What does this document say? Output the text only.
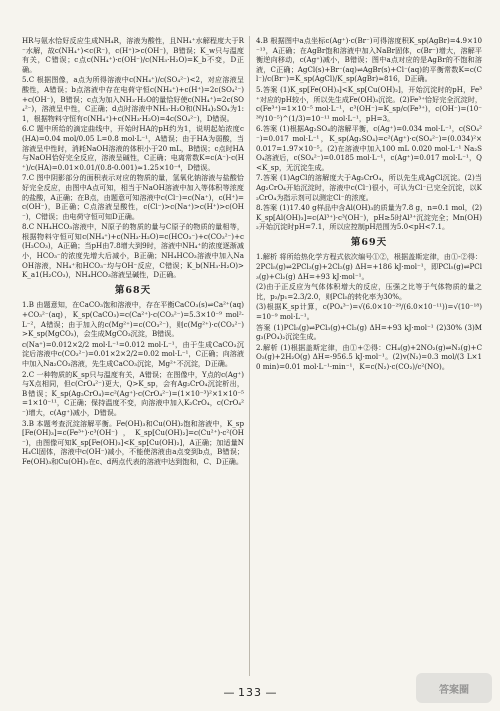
HR与氨水恰好反应生成NH₄R，溶液为酸性，且NH₄⁺水解程度大于R⁻水解，故c(NH₄⁺)<c(R⁻)，c(H⁺)>c(OH⁻)，B错误；K_w只与温度有关，C错误；c点c(NH₄⁺)·c(OH⁻)/c(NH₃·H₂O)=K_b不变，D正确。

5.C 根据图像，a点为所得溶液中c(NH₄⁺)/c(SO₄²⁻)<2，对应溶液呈酸性，A错误；b点溶液中存在电荷守恒c(NH₄⁺)+c(H⁺)=2c(SO₄²⁻)+c(OH⁻)，B错误；c点为加入NH₃·H₂O的量恰好使c(NH₄⁺)=2c(SO₄²⁻)，溶液呈中性，C正确；d点时溶液中NH₃·H₂O和(NH₄)₂SO₄为1:1，根据物料守恒有c(NH₄⁺)+c(NH₃·H₂O)=4c(SO₄²⁻)，D错误。

6.C 题中所给的滴定曲线中，开始时HA的pH约为1，说明起始浓度c(HA)=0.04 mol/0.05 L=0.8 mol·L⁻¹，A错误；由于HA为弱酸，当溶液呈中性时，消耗NaOH溶液的体积小于20 mL，B错误；c点时HA与NaOH恰好完全反应，溶液呈碱性，C正确；电离常数K=c(A⁻)·c(H⁺)/c(HA)=0.01×0.01/(0.8-0.001)≈1.25×10⁻⁴，D错误。

7.C 图中阴影部分的面积表示对应的物质的量，氢氧化钠溶液与盐酸恰好完全反应，由图中A点可知，相当于NaOH溶液中加入等体积等浓度的盐酸，A正确；在B点，由题意可知溶液中c(Cl⁻)=c(Na⁺)，c(H⁺)=c(OH⁻)，B正确；C点溶液呈酸性，c(Cl⁻)>c(Na⁺)>c(H⁺)>c(OH⁻)，C错误；由电荷守恒可知D正确。

8.C NH₄HCO₃溶液中，N原子的物质的量与C原子的物质的量相等，根据物料守恒可知c(NH₄⁺)+c(NH₃·H₂O)=c(HCO₃⁻)+c(CO₃²⁻)+c(H₂CO₃)，A正确；当pH由7.8增大到9时，溶液中NH₄⁺的浓度逐渐减小，HCO₃⁻的浓度先增大后减小，B正确；NH₄HCO₃溶液中加入NaOH溶液，NH₄⁺和HCO₃⁻均与OH⁻反应，C错误；K_b(NH₃·H₂O)>K_a1(H₂CO₃)，NH₄HCO₃溶液呈碱性，D正确。

第68天

1.B 由题意知，在CaCO₃饱和溶液中，存在平衡CaCO₃(s)⇌Ca²⁺(aq)+CO₃²⁻(aq)，K_sp(CaCO₃)=c(Ca²⁺)·c(CO₃²⁻)=5.3×10⁻⁹ mol²·L⁻²，A错误；由于加入的c(Mg²⁺)=c(CO₃²⁻)，则c(Mg²⁺)·c(CO₃²⁻)>K_sp(MgCO₃)，会生成MgCO₃沉淀，B错误。

c(Na⁺)=0.012×2/2 mol·L⁻¹=0.012 mol·L⁻¹，由于生成CaCO₃沉淀后溶液中c(CO₃²⁻)=0.01×2×2/2=0.02 mol·L⁻¹，C正确；向溶液中加入Na₂CO₃溶液，先生成CaCO₃沉淀，Mg²⁺不沉淀，D正确。

2.C 一种物质的K_sp只与温度有关，A错误；在图像中，Y点的c(Ag⁺)与X点相同，但c(CrO₄²⁻)更大，Q>K_sp，会有Ag₂CrO₄沉淀析出，B错误；K_sp(Ag₂CrO₄)=c²(Ag⁺)·c(CrO₄²⁻)=(1×10⁻³)²×1×10⁻⁵=1×10⁻¹¹，C正确；保持温度不变，向溶液中加入K₂CrO₄，c(CrO₄²⁻)增大，c(Ag⁺)减小，D错误。

3.B 本题考查沉淀溶解平衡。Fe(OH)₃和Cu(OH)₂饱和溶液中，K_sp[Fe(OH)₃]=c(Fe³⁺)·c³(OH⁻)，K_sp[Cu(OH)₂]=c(Cu²⁺)·c²(OH⁻)，由图像可知K_sp[Fe(OH)₃]<K_sp[Cu(OH)₂]，A正确；加适量NH₄Cl固体，溶液中c(OH⁻)减小，不能使溶液由a点变到b点，B错误；Fe(OH)₃和Cu(OH)₂在c、d两点代表的溶液中达到饱和，C、D正确。

4.B 根据图中a点坐标c(Ag⁺)·c(Br⁻)可得溶度积K_sp(AgBr)=4.9×10⁻¹³，A正确；在AgBr饱和溶液中加入NaBr固体，c(Br⁻)增大，溶解平衡逆向移动，c(Ag⁺)减小，B错误；图中a点对应的是AgBr的不饱和溶液，C正确；AgCl(s)+Br⁻(aq)⇌AgBr(s)+Cl⁻(aq)的平衡常数K=c(Cl⁻)/c(Br⁻)=K_sp(AgCl)/K_sp(AgBr)≈816，D正确。

5.答案 (1)K_sp[Fe(OH)₃]<K_sp[Cu(OH)₂]，开始沉淀时的pH，Fe³⁺对应的pH较小，所以先生成Fe(OH)₃沉淀。(2)Fe³⁺恰好完全沉淀时，c(Fe³⁺)=1×10⁻⁵ mol·L⁻¹，c³(OH⁻)=K_sp/c(Fe³⁺)，c(OH⁻)=(10⁻³⁸/10⁻⁵)^(1/3)=10⁻¹¹ mol·L⁻¹，pH=3。

6.答案 (1)根据Ag₂SO₄的溶解平衡，c(Ag⁺)=0.034 mol·L⁻¹，c(SO₄²⁻)=0.017 mol·L⁻¹，K_sp(Ag₂SO₄)=c²(Ag⁺)·c(SO₄²⁻)=(0.034)²×0.017=1.97×10⁻⁵。(2)在溶液中加入100 mL 0.020 mol·L⁻¹ Na₂SO₄溶液后，c(SO₄²⁻)=0.0185 mol·L⁻¹，c(Ag⁺)=0.017 mol·L⁻¹，Q<K_sp，无沉淀生成。

7.答案 (1)AgCl的溶解度大于Ag₂CrO₄，所以先生成AgCl沉淀。(2)当Ag₂CrO₄开始沉淀时，溶液中c(Cl⁻)很小，可认为Cl⁻已完全沉淀，以K₂CrO₄为指示剂可以测定Cl⁻的浓度。

8.答案 (1)17.40 g样品中含Al(OH)₃的质量为7.8 g，n=0.1 mol，(2)K_sp[Al(OH)₃]=c(Al³⁺)·c³(OH⁻)，pH≥5时Al³⁺沉淀完全；Mn(OH)₂开始沉淀时pH=7.1，所以应控制pH范围为5.0<pH<7.1。

第69天

1.解析 将所给热化学方程式依次编号①②，根据盖斯定律，由①-②得：2PCl₅(g)⇌2PCl₃(g)+2Cl₂(g) ΔH=+186 kJ·mol⁻¹，即PCl₅(g)⇌PCl₃(g)+Cl₂(g) ΔH=+93 kJ·mol⁻¹。

(2)由于正反应为气体体积增大的反应，压强之比等于气体物质的量之比，p₂/p₁=2.3/2.0，则PCl₅的转化率为30%。

(3)根据K_sp计算，c(PO₄³⁻)=√(6.0×10⁻²⁹/(6.0×10⁻¹¹))=√(10⁻¹⁸)=10⁻⁹ mol·L⁻¹。

答案 (1)PCl₅(g)⇌PCl₃(g)+Cl₂(g) ΔH=+93 kJ·mol⁻¹ (2)30% (3)Mg₃(PO₄)₂沉淀生成。

2.解析 (1)根据盖斯定律，由①+②得：CH₄(g)+2NO₂(g)⇌N₂(g)+CO₂(g)+2H₂O(g) ΔH=-956.5 kJ·mol⁻¹。(2)v(N₂)=0.3 mol/(3 L×10 min)=0.01 mol·L⁻¹·min⁻¹，K=c(N₂)·c(CO₂)/c²(NO)。

— 133 —	答案圈
